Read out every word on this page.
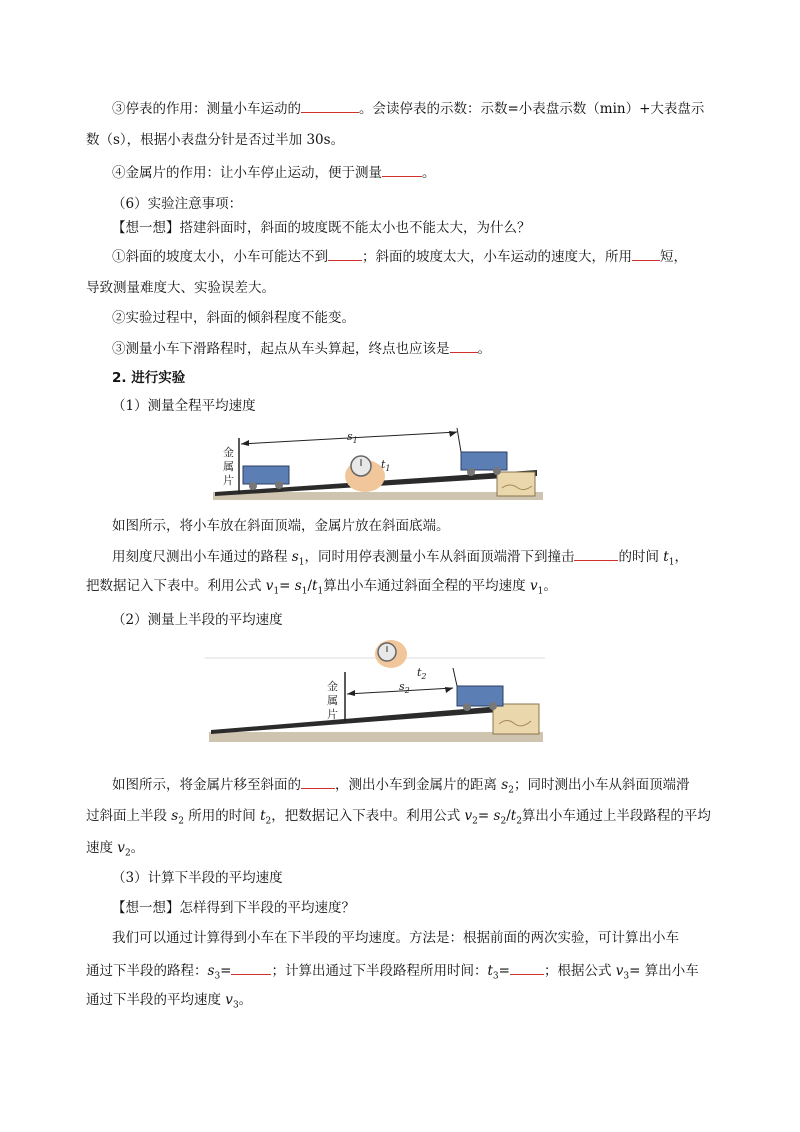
③停表的作用：测量小车运动的	。会读停表的示数：示数=小表盘示数（min）+大表盘示
数（s），根据小表盘分针是否过半加 30s。
④金属片的作用：让小车停止运动，便于测量	。
（6）实验注意事项：
【想一想】搭建斜面时，斜面的坡度既不能太小也不能太大，为什么？
①斜面的坡度太小，小车可能达不到	；斜面的坡度太大，小车运动的速度大，所用 短，
导致测量难度大、实验误差大。
②实验过程中，斜面的倾斜程度不能变。
③测量小车下滑路程时，起点从车头算起，终点也应该是 。
2. 进行实验
（1）测量全程平均速度
金
属
片
$s_1$
$t_1$
如图所示，将小车放在斜面顶端，金属片放在斜面底端。
用刻度尺测出小车通过的路程 $s_1$，同时用停表测量小车从斜面顶端滑下到撞击	的时间 $t_1$，
把数据记入下表中。利用公式 $v_1= s_1/t_1$算出小车通过斜面全程的平均速度 $v_1$。
（2）测量上半段的平均速度
金
属
片
$s_2$
$t_2$
如图所示，将金属片移至斜面的	，测出小车到金属片的距离 $s_2$；同时测出小车从斜面顶端滑
过斜面上半段 $s_2$ 所用的时间 $t_2$，把数据记入下表中。利用公式 $v_2= s_2/t_2$算出小车通过上半段路程的平均
速度 $v_2$。
（3）计算下半段的平均速度
【想一想】怎样得到下半段的平均速度？
我们可以通过计算得到小车在下半段的平均速度。方法是：根据前面的两次实验，可计算出小车
通过下半段的路程：$s_3=$	；计算出通过下半段路程所用时间：$t_3=$	；根据公式 $v_3=$ 算出小车
通过下半段的平均速度 $v_3$。
